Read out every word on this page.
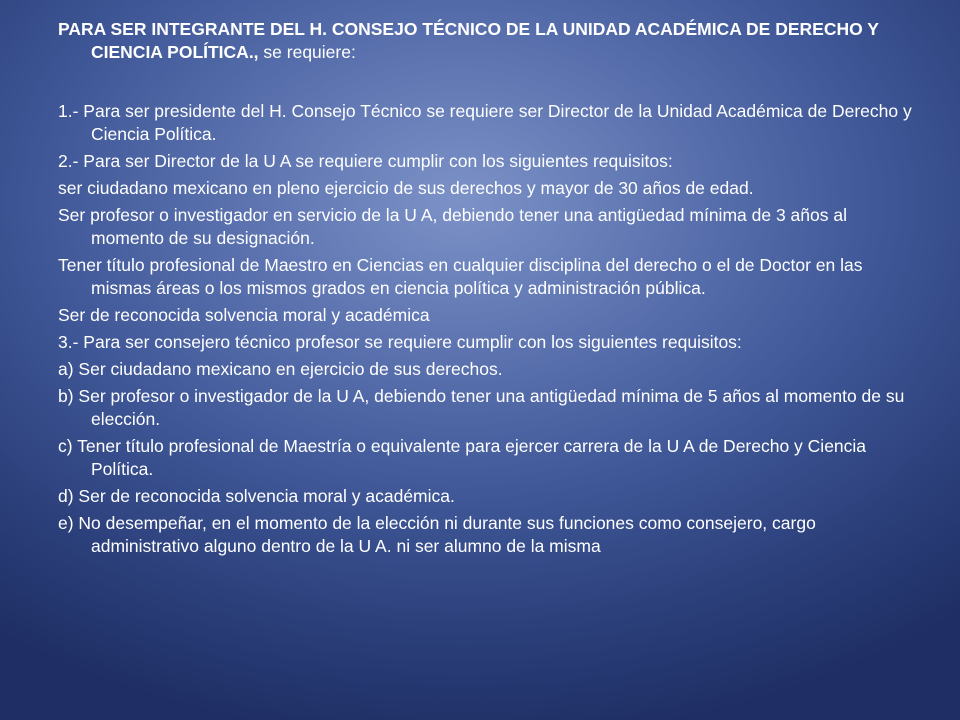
PARA SER INTEGRANTE DEL H. CONSEJO TÉCNICO DE LA UNIDAD ACADÉMICA DE DERECHO Y CIENCIA POLÍTICA., se requiere:

1.- Para ser presidente del H. Consejo Técnico se requiere ser Director de la Unidad Académica de Derecho y Ciencia Política.

2.- Para ser Director de la U A se requiere cumplir con los siguientes requisitos:

ser ciudadano mexicano en pleno ejercicio de sus derechos y mayor de 30 años de edad.

Ser profesor o investigador en servicio de la U A, debiendo tener una antigüedad mínima de 3 años al momento de su designación.

Tener título profesional de Maestro en Ciencias en cualquier disciplina del derecho o el de Doctor en las mismas áreas o los mismos grados en ciencia política y administración pública.

Ser de reconocida solvencia moral y académica

3.- Para ser consejero técnico profesor se requiere cumplir con los siguientes requisitos:

a) Ser ciudadano mexicano en ejercicio de sus derechos.

b) Ser profesor o investigador de la U A, debiendo tener una antigüedad mínima de 5 años al momento de su elección.

c) Tener título profesional de Maestría o equivalente para ejercer carrera de la U A de Derecho y Ciencia Política.

d) Ser de reconocida solvencia moral y académica.

e) No desempeñar, en el momento de la elección ni durante sus funciones como consejero, cargo administrativo alguno dentro de la U A. ni ser alumno de la misma
